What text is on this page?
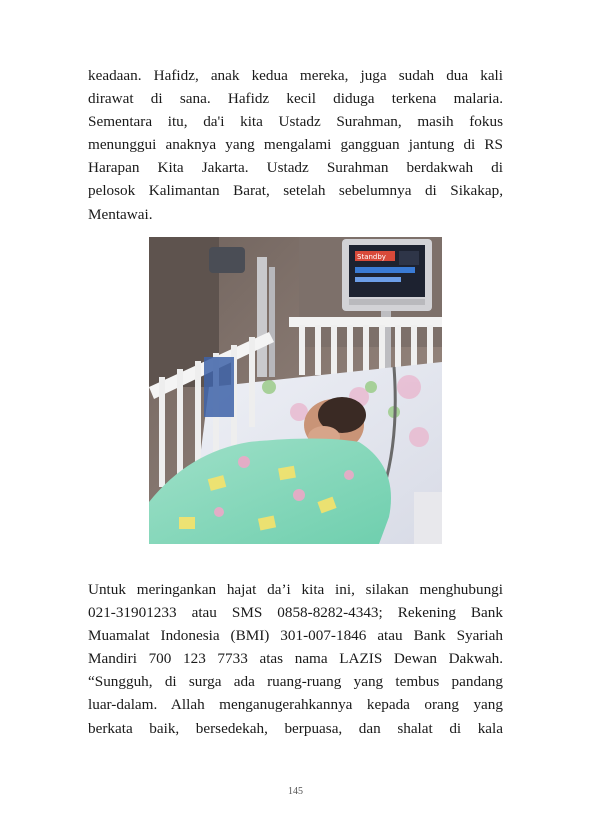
keadaan. Hafidz, anak kedua mereka, juga sudah dua kali
dirawat di sana. Hafidz kecil diduga terkena malaria.
Sementara itu, da'i kita Ustadz Surahman, masih fokus
menunggui anaknya yang mengalami gangguan jantung di RS
Harapan Kita Jakarta. Ustadz Surahman berdakwah di
pelosok Kalimantan Barat, setelah sebelumnya di Sikakap,
Mentawai.
Standby
Untuk meringankan hajat da’i kita ini, silakan menghubungi
021-31901233 atau SMS 0858-8282-4343; Rekening Bank
Muamalat Indonesia (BMI) 301-007-1846 atau Bank Syariah
Mandiri 700 123 7733 atas nama LAZIS Dewan Dakwah.
“Sungguh, di surga ada ruang-ruang yang tembus pandang
luar-dalam. Allah menganugerahkannya kepada orang yang
berkata baik, bersedekah, berpuasa, dan shalat di kala
145
